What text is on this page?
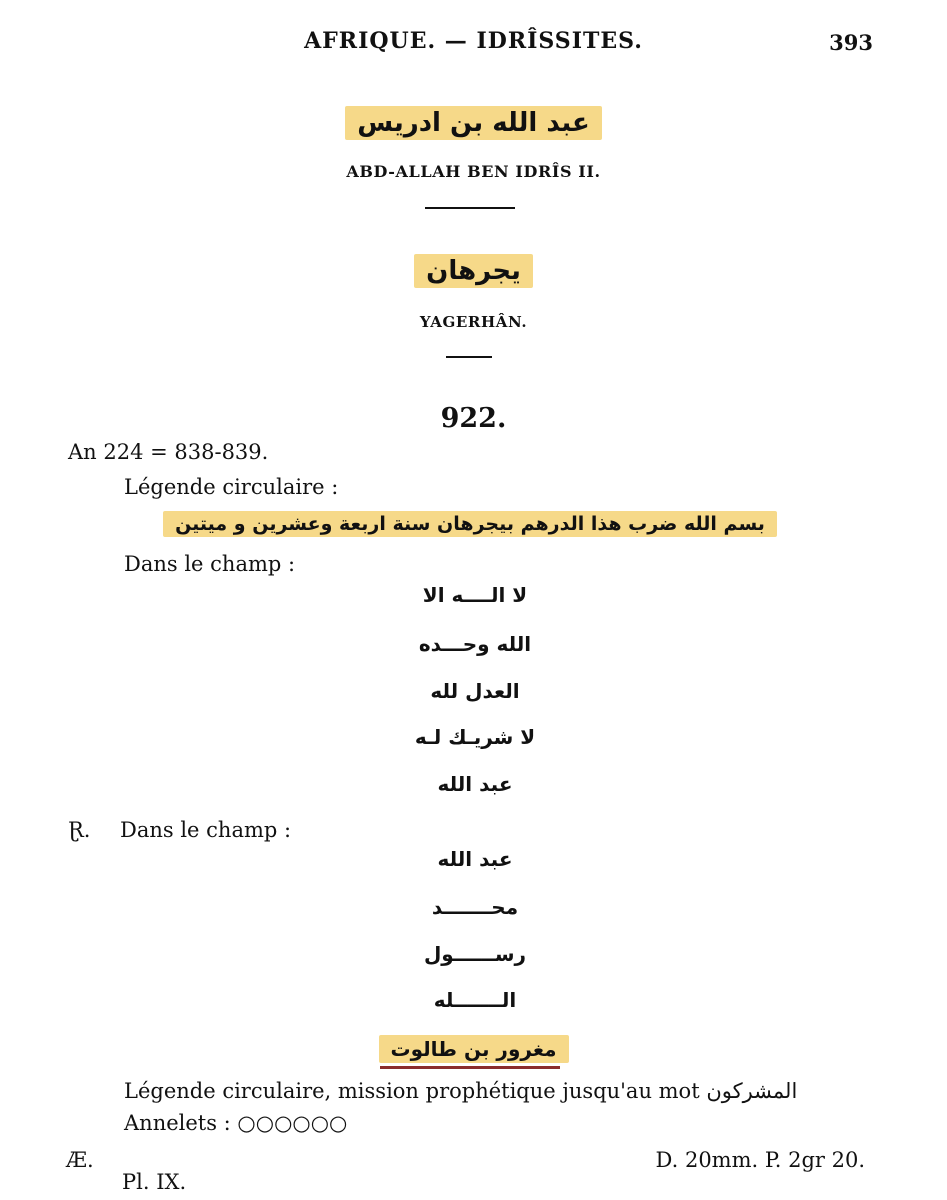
AFRIQUE. — IDRÎSSITES.	393
عبد الله بن ادريس
ABD-ALLAH BEN IDRÎS II.
يجرهان
YAGERHÂN.
922.
An 224 = 838-839.
Légende circulaire :
بسم الله ضرب هذا الدرهم بيجرهان سنة اربعة وعشرين و ميتين
Dans le champ :
لا الــــه الا
الله وحـــده
العدل لله
لا شريـك لـه
عبد الله
Ɽ. Dans le champ :
عبد الله
محـــــــد
رســــــول
الـــــــله
مغرور بن طالوت
Légende circulaire, mission prophétique jusqu'au mot المشركون
Annelets : ○○○○○○
Æ.	D. 20mm. P. 2gr 20.
Pl. IX.
